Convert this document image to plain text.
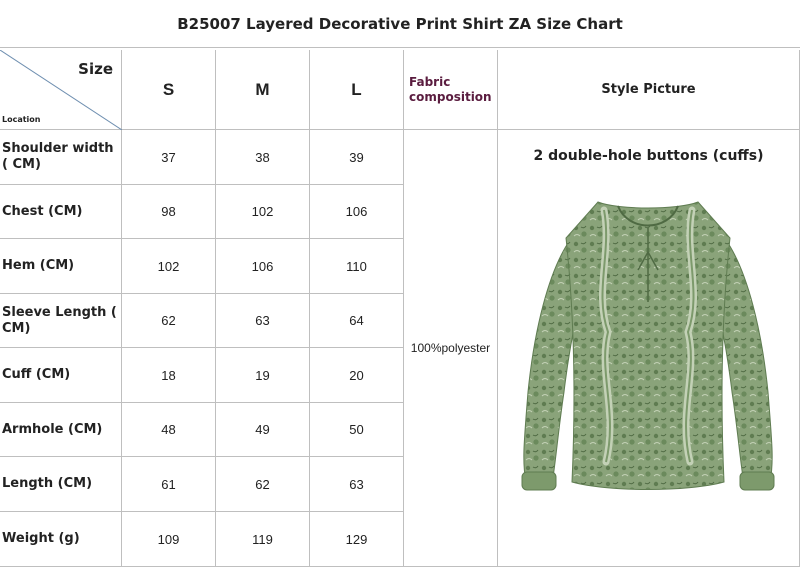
B25007 Layered Decorative Print Shirt ZA Size Chart
Size
Location
S	M	L	Fabric composition	Style Picture
Shoulder width ( CM)	37	38	39
Chest (CM)	98	102	106
Hem (CM)	102	106	110
Sleeve Length ( CM)	62	63	64
Cuff (CM)	18	19	20
Armhole (CM)	48	49	50
Length (CM)	61	62	63
Weight (g)	109	119	129
100%polyester
2 double-hole buttons (cuffs)
